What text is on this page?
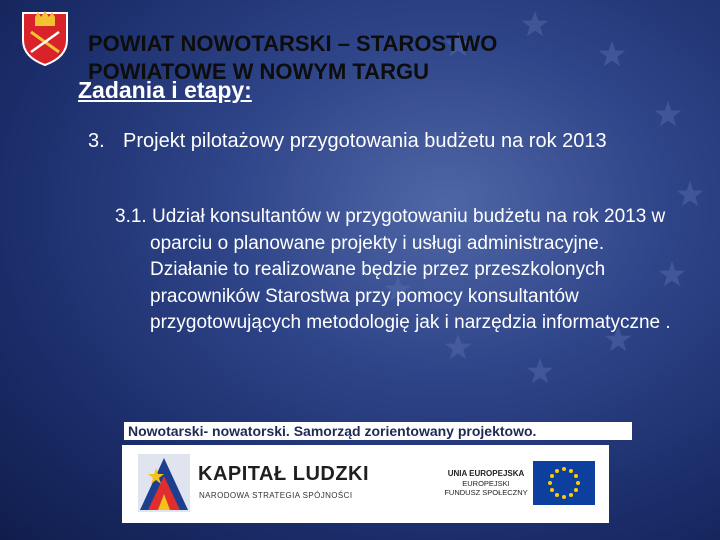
POWIAT NOWOTARSKI – STAROSTWO POWIATOWE W NOWYM TARGU
Zadania i etapy:
3. Projekt pilotażowy przygotowania budżetu na rok 2013
3.1. Udział konsultantów w przygotowaniu budżetu na rok 2013 w oparciu o planowane projekty i usługi administracyjne. Działanie to realizowane będzie przez przeszkolonych pracowników Starostwa przy pomocy konsultantów przygotowujących metodologię jak i narzędzia informatyczne .
Nowotarski- nowatorski. Samorząd zorientowany projektowo.
KAPITAŁ LUDZKI
NARODOWA STRATEGIA SPÓJNOŚCI
UNIA EUROPEJSKA
EUROPEJSKI
FUNDUSZ SPOŁECZNY
